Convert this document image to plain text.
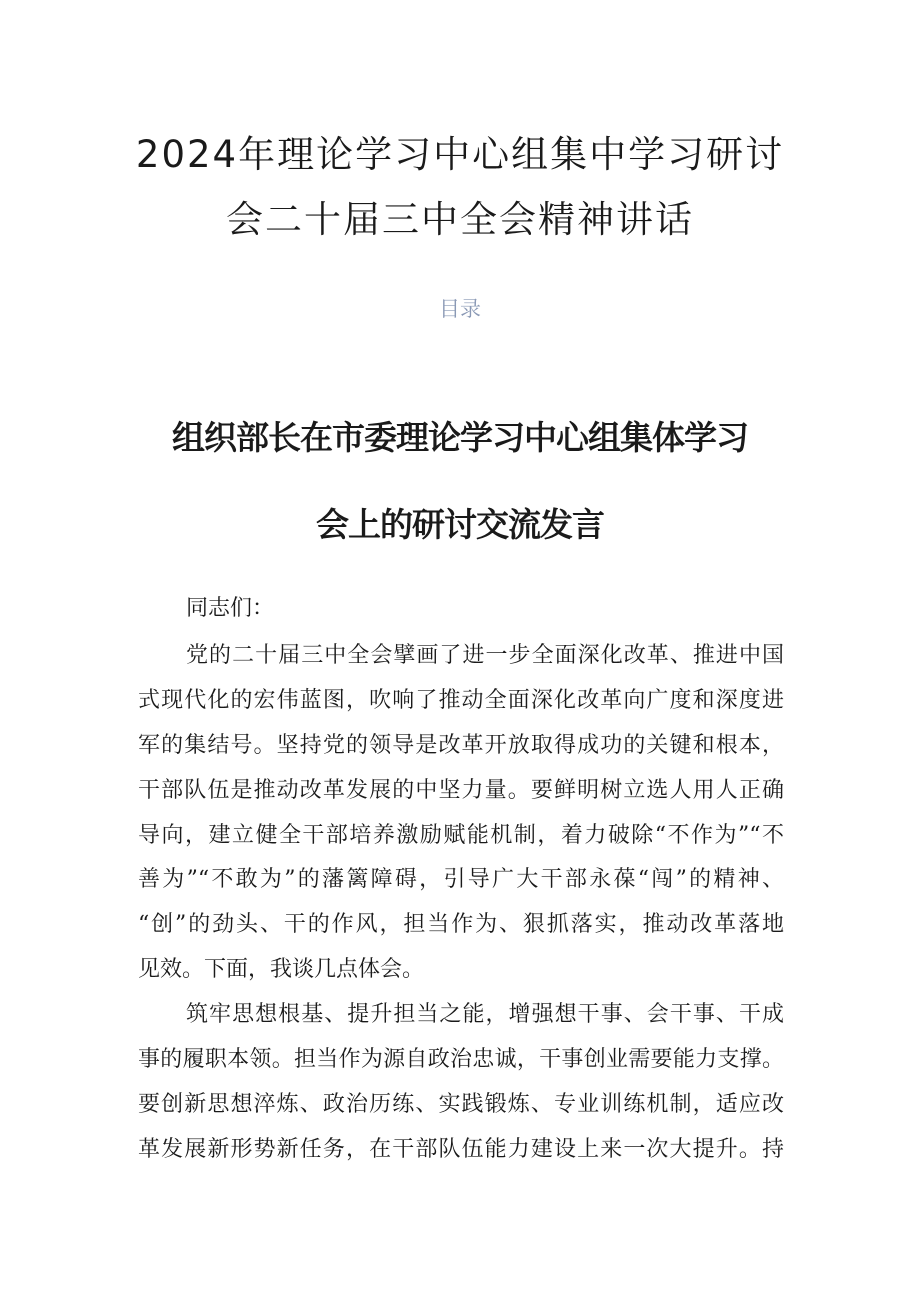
2024年理论学习中心组集中学习研讨
会二十届三中全会精神讲话
目录
组织部长在市委理论学习中心组集体学习
会上的研讨交流发言
同志们：
党的二十届三中全会擘画了进一步全面深化改革、推进中国
式现代化的宏伟蓝图，吹响了推动全面深化改革向广度和深度进
军的集结号。坚持党的领导是改革开放取得成功的关键和根本，
干部队伍是推动改革发展的中坚力量。要鲜明树立选人用人正确
导向，建立健全干部培养激励赋能机制，着力破除“不作为”“不
善为”“不敢为”的藩篱障碍，引导广大干部永葆“闯”的精神、
“创”的劲头、干的作风，担当作为、狠抓落实，推动改革落地
见效。下面，我谈几点体会。
筑牢思想根基、提升担当之能，增强想干事、会干事、干成
事的履职本领。担当作为源自政治忠诚，干事创业需要能力支撑。
要创新思想淬炼、政治历练、实践锻炼、专业训练机制，适应改
革发展新形势新任务，在干部队伍能力建设上来一次大提升。持
